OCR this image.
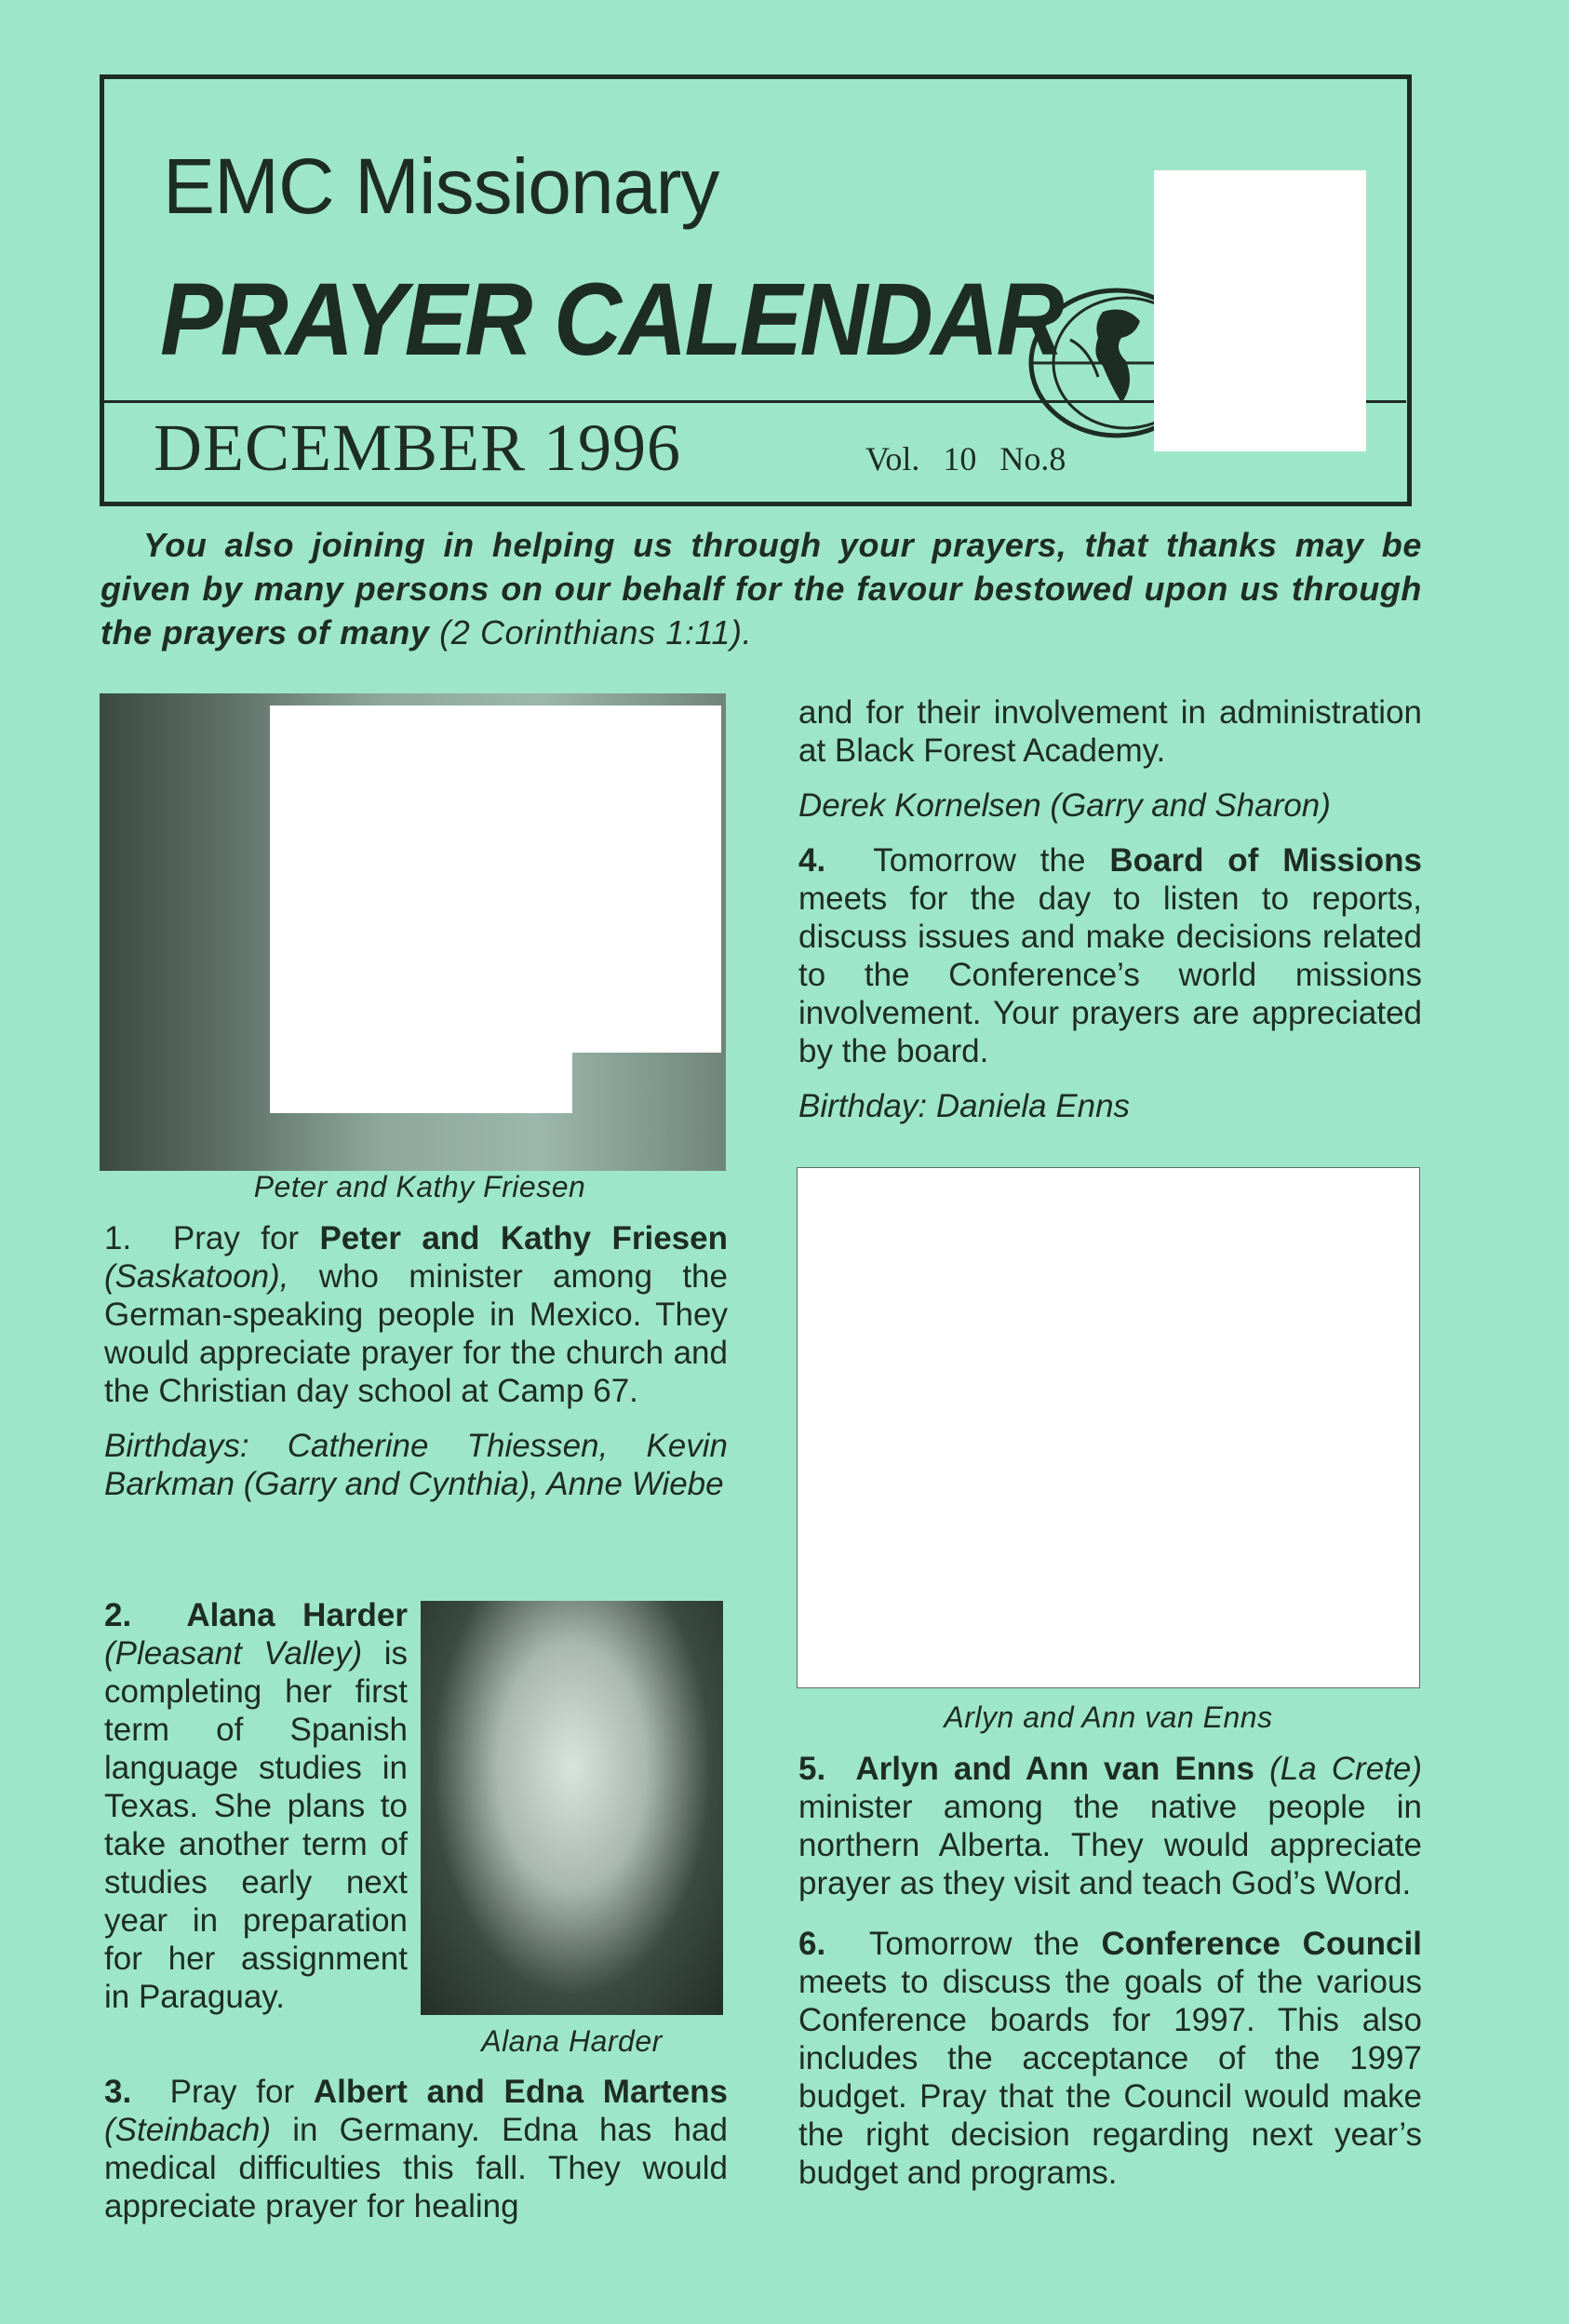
EMC Missionary
PRAYER CALENDAR
DECEMBER 1996	Vol. 10 No.8
You also joining in helping us through your prayers, that thanks may be given by many persons on our behalf for the favour bestowed upon us through the prayers of many (2 Corinthians 1:11).
Peter and Kathy Friesen

1. Pray for Peter and Kathy Friesen (Saskatoon), who minister among the German-speaking people in Mexico. They would appreciate prayer for the church and the Christian day school at Camp 67.

Birthdays: Catherine Thiessen, Kevin Barkman (Garry and Cynthia), Anne Wiebe

2. Alana Harder (Pleasant Valley) is completing her first term of Spanish language studies in Texas. She plans to take another term of studies early next year in preparation for her assignment in Paraguay.

Alana Harder

3. Pray for Albert and Edna Martens (Steinbach) in Germany. Edna has had medical difficulties this fall. They would appreciate prayer for healing

and for their involvement in administration at Black Forest Academy.

Derek Kornelsen (Garry and Sharon)

4. Tomorrow the Board of Missions meets for the day to listen to reports, discuss issues and make decisions related to the Conference’s world missions involvement. Your prayers are appreciated by the board.

Birthday: Daniela Enns

Arlyn and Ann van Enns

5. Arlyn and Ann van Enns (La Crete) minister among the native people in northern Alberta. They would appreciate prayer as they visit and teach God’s Word.

6. Tomorrow the Conference Council meets to discuss the goals of the various Conference boards for 1997. This also includes the acceptance of the 1997 budget. Pray that the Council would make the right decision regarding next year’s budget and programs.
